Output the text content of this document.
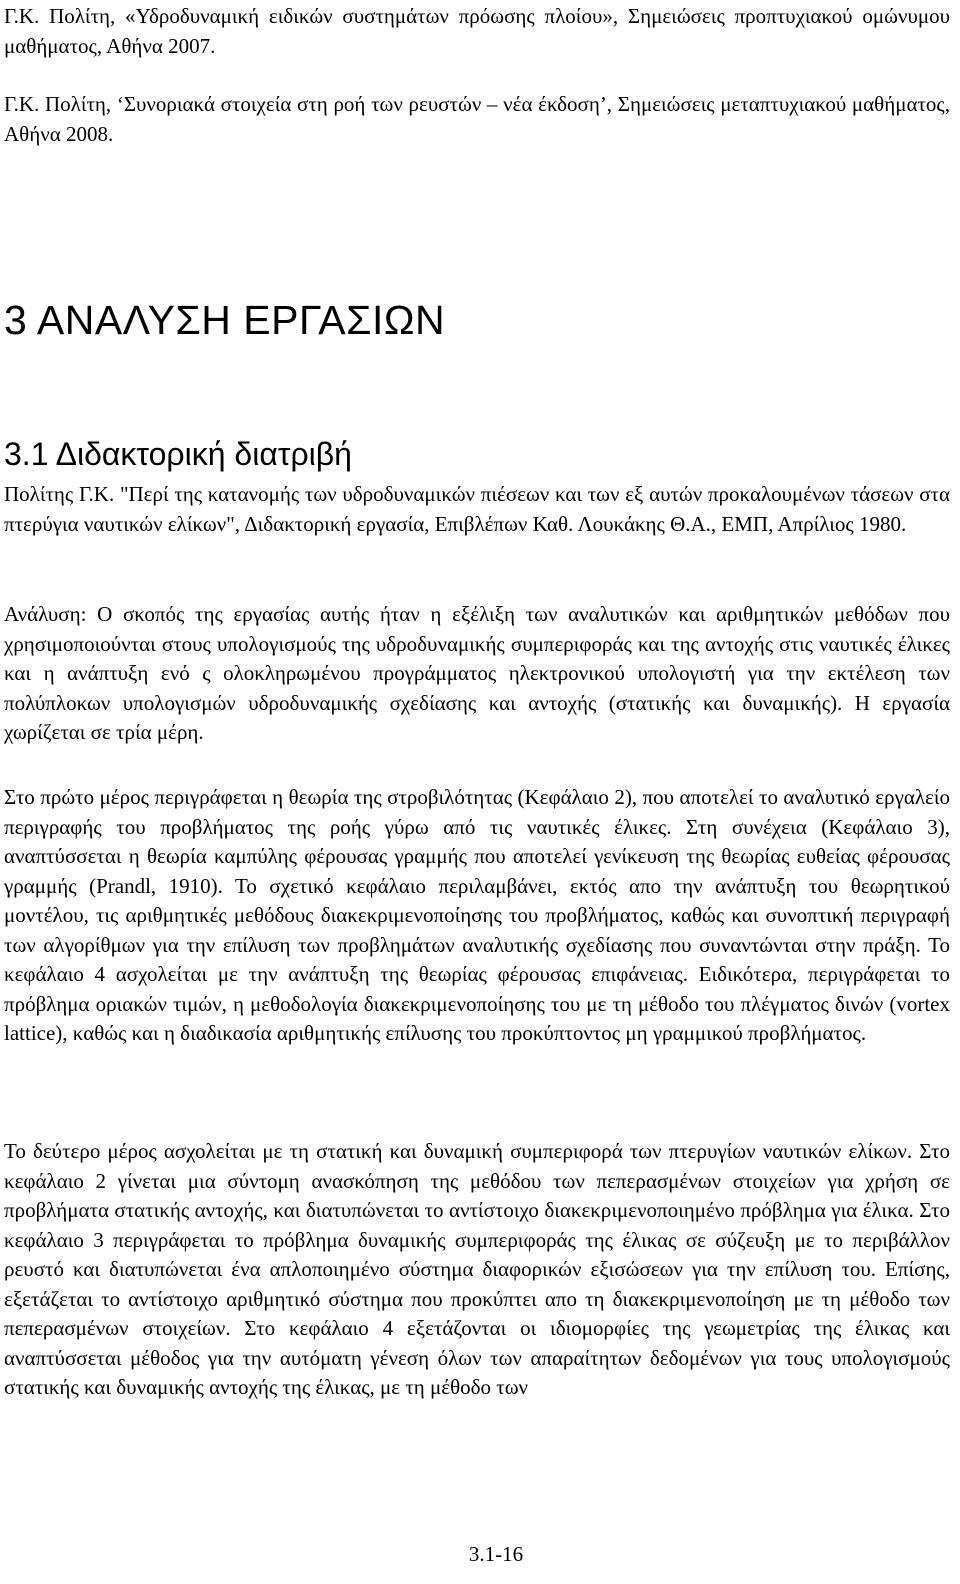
Γ.Κ. Πολίτη, «Υδροδυναμική ειδικών συστημάτων πρόωσης πλοίου», Σημειώσεις προπτυχιακού ομώνυμου μαθήματος, Αθήνα 2007.

Γ.Κ. Πολίτη, ‘Συνοριακά στοιχεία στη ροή των ρευστών – νέα έκδοση’, Σημειώσεις μεταπτυχιακού μαθήματος, Αθήνα 2008.

3 ΑΝΑΛΥΣΗ ΕΡΓΑΣΙΩΝ
3.1 Διδακτορική διατριβή

Πολίτης Γ.Κ. "Περί της κατανομής των υδροδυναμικών πιέσεων και των εξ αυτών προκαλουμένων τάσεων στα πτερύγια ναυτικών ελίκων", Διδακτορική εργασία, Επιβλέπων Καθ. Λουκάκης Θ.Α., ΕΜΠ, Απρίλιος 1980.

Ανάλυση: Ο σκοπός της εργασίας αυτής ήταν η εξέλιξη των αναλυτικών και αριθμητικών μεθόδων που χρησιμοποιούνται στους υπολογισμούς της υδροδυναμικής συμπεριφοράς και της αντοχής στις ναυτικές έλικες και η ανάπτυξη ενό ς ολοκληρωμένου προγράμματος ηλεκτρονικού υπολογιστή για την εκτέλεση των πολύπλοκων υπολογισμών υδροδυναμικής σχεδίασης και αντοχής (στατικής και δυναμικής). Η εργασία χωρίζεται σε τρία μέρη.

Στο πρώτο μέρος περιγράφεται η θεωρία της στροβιλότητας (Κεφάλαιο 2), που αποτελεί το αναλυτικό εργαλείο περιγραφής του προβλήματος της ροής γύρω από τις ναυτικές έλικες. Στη συνέχεια (Κεφάλαιο 3), αναπτύσσεται η θεωρία καμπύλης φέρουσας γραμμής που αποτελεί γενίκευση της θεωρίας ευθείας φέρουσας γραμμής (Prandl, 1910). Το σχετικό κεφάλαιο περιλαμβάνει, εκτός απο την ανάπτυξη του θεωρητικού μοντέλου, τις αριθμητικές μεθόδους διακεκριμενοποίησης του προβλήματος, καθώς και συνοπτική περιγραφή των αλγορίθμων για την επίλυση των προβλημάτων αναλυτικής σχεδίασης που συναντώνται στην πράξη. Το κεφάλαιο 4 ασχολείται με την ανάπτυξη της θεωρίας φέρουσας επιφάνειας. Ειδικότερα, περιγράφεται το πρόβλημα οριακών τιμών, η μεθοδολογία διακεκριμενοποίησης του με τη μέθοδο του πλέγματος δινών (vortex lattice), καθώς και η διαδικασία αριθμητικής επίλυσης του προκύπτοντος μη γραμμικού προβλήματος.

Το δεύτερο μέρος ασχολείται με τη στατική και δυναμική συμπεριφορά των πτερυγίων ναυτικών ελίκων. Στο κεφάλαιο 2 γίνεται μια σύντομη ανασκόπηση της μεθόδου των πεπερασμένων στοιχείων για χρήση σε προβλήματα στατικής αντοχής, και διατυπώνεται το αντίστοιχο διακεκριμενοποιημένο πρόβλημα για έλικα. Στο κεφάλαιο 3 περιγράφεται το πρόβλημα δυναμικής συμπεριφοράς της έλικας σε σύζευξη με το περιβάλλον ρευστό και διατυπώνεται ένα απλοποιημένο σύστημα διαφορικών εξισώσεων για την επίλυση του. Επίσης, εξετάζεται το αντίστοιχο αριθμητικό σύστημα που προκύπτει απο τη διακεκριμενοποίηση με τη μέθοδο των πεπερασμένων στοιχείων. Στο κεφάλαιο 4 εξετάζονται οι ιδιομορφίες της γεωμετρίας της έλικας και αναπτύσσεται μέθοδος για την αυτόματη γένεση όλων των απαραίτητων δεδομένων για τους υπολογισμούς στατικής και δυναμικής αντοχής της έλικας, με τη μέθοδο των

3.1-16
